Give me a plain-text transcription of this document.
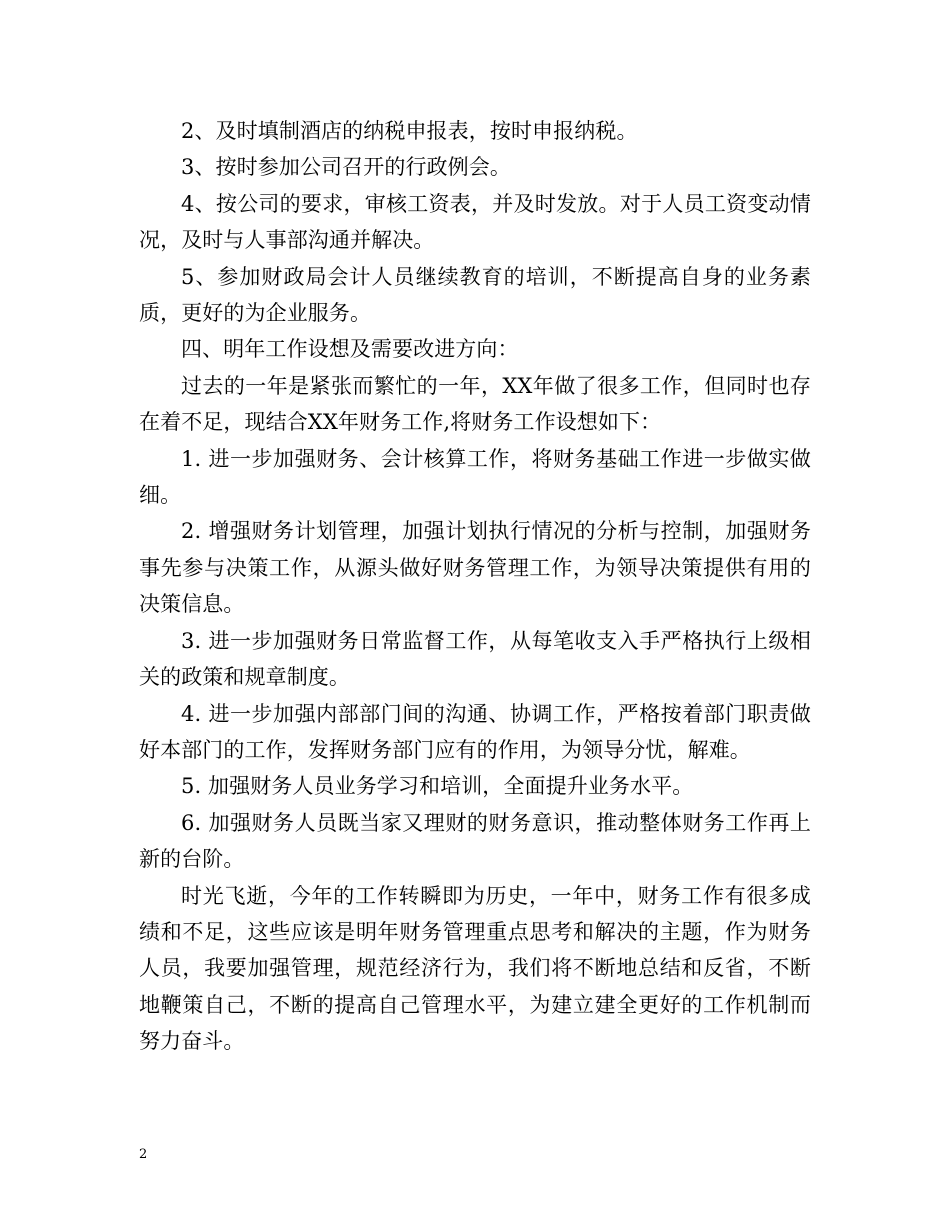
2、及时填制酒店的纳税申报表，按时申报纳税。

3、按时参加公司召开的行政例会。

4、按公司的要求，审核工资表，并及时发放。对于人员工资变动情况，及时与人事部沟通并解决。

5、参加财政局会计人员继续教育的培训，不断提高自身的业务素质，更好的为企业服务。

四、明年工作设想及需要改进方向：

过去的一年是紧张而繁忙的一年，XX年做了很多工作，但同时也存在着不足，现结合XX年财务工作,将财务工作设想如下：

1. 进一步加强财务、会计核算工作，将财务基础工作进一步做实做细。

2. 增强财务计划管理，加强计划执行情况的分析与控制，加强财务事先参与决策工作，从源头做好财务管理工作，为领导决策提供有用的决策信息。

3. 进一步加强财务日常监督工作，从每笔收支入手严格执行上级相关的政策和规章制度。

4. 进一步加强内部部门间的沟通、协调工作，严格按着部门职责做好本部门的工作，发挥财务部门应有的作用，为领导分忧，解难。

5. 加强财务人员业务学习和培训，全面提升业务水平。

6. 加强财务人员既当家又理财的财务意识，推动整体财务工作再上新的台阶。

时光飞逝，今年的工作转瞬即为历史，一年中，财务工作有很多成绩和不足，这些应该是明年财务管理重点思考和解决的主题，作为财务人员，我要加强管理，规范经济行为，我们将不断地总结和反省，不断地鞭策自己，不断的提高自己管理水平，为建立建全更好的工作机制而努力奋斗。

2
